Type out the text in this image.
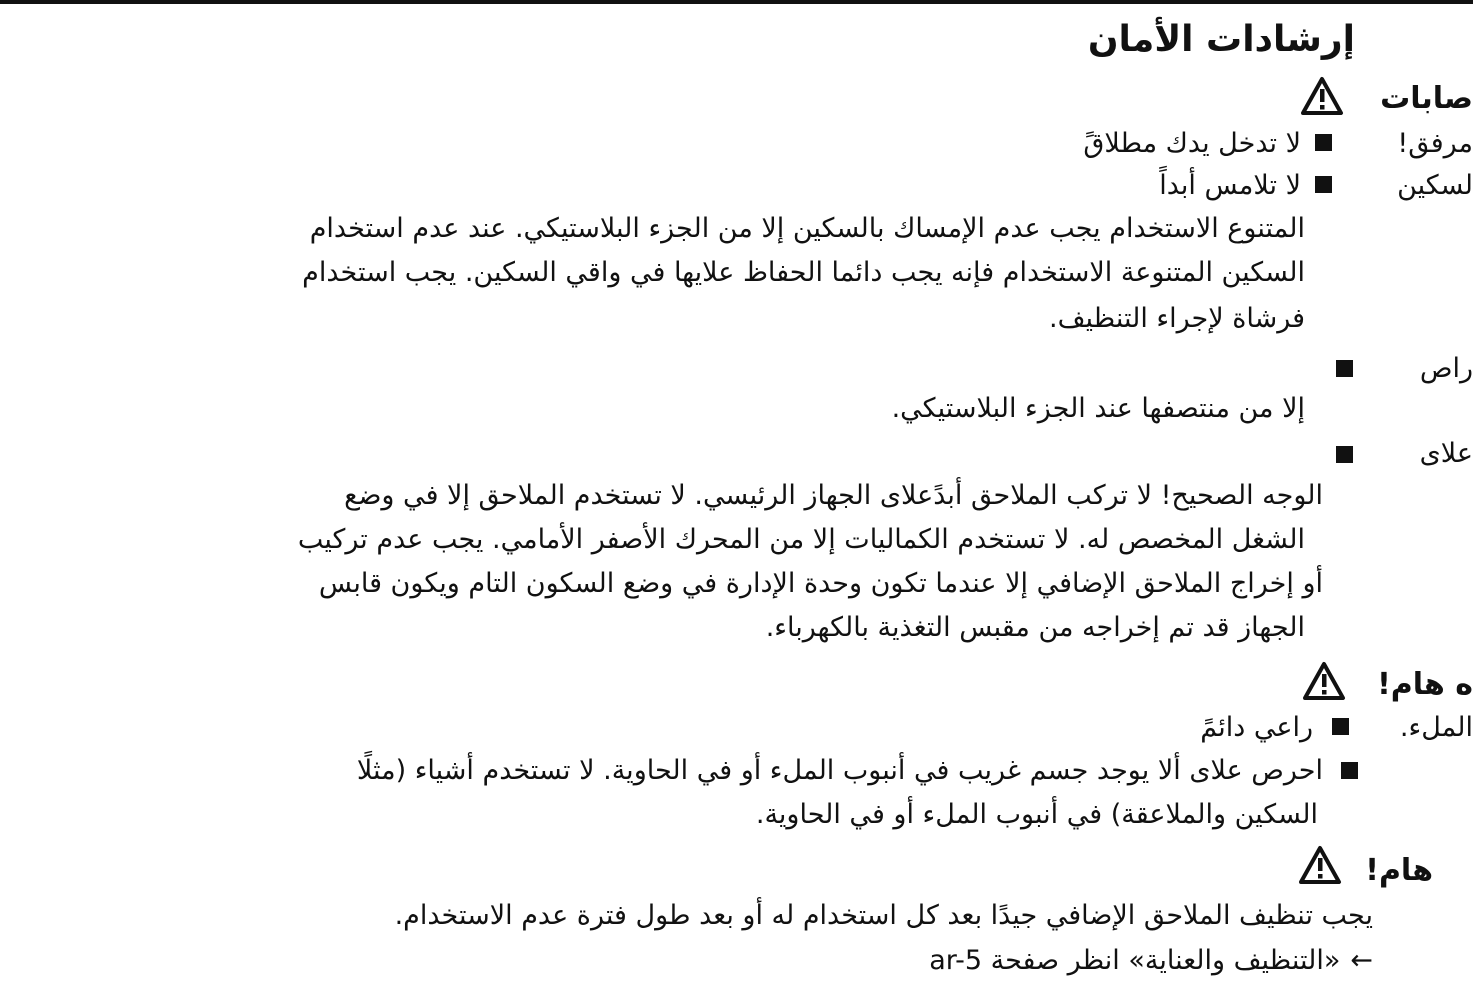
إرشادات الأمان
صابات
مرفق!
لا تدخل يدك مطلاقً
لسكين
لا تلامس أبداً
المتنوع الاستخدام يجب عدم الإمساك بالسكين إلا من الجزء البلاستيكي. عند عدم استخدام
السكين المتنوعة الاستخدام فإنه يجب دائما الحفاظ علايها في واقي السكين. يجب استخدام
فرشاة لإجراء التنظيف.
راص
إلا من منتصفها عند الجزء البلاستيكي.
علاى
الوجه الصحيح! لا تركب الملاحق أبدًعلاى الجهاز الرئيسي. لا تستخدم الملاحق إلا في وضع
الشغل المخصص له. لا تستخدم الكماليات إلا من المحرك الأصفر الأمامي. يجب عدم تركيب
أو إخراج الملاحق الإضافي إلا عندما تكون وحدة الإدارة في وضع السكون التام ويكون قابس
الجهاز قد تم إخراجه من مقبس التغذية بالكهرباء.
ه هام!
الملء.
راعي دائمً
احرص علاى ألا يوجد جسم غريب في أنبوب الملء أو في الحاوية. لا تستخدم أشياء (مثلًا
السكين والملاعقة) في أنبوب الملء أو في الحاوية.
هام!
يجب تنظيف الملاحق الإضافي جيدًا بعد كل استخدام له أو بعد طول فترة عدم الاستخدام.
←«التنظيف والعناية» انظر صفحة ar-5
